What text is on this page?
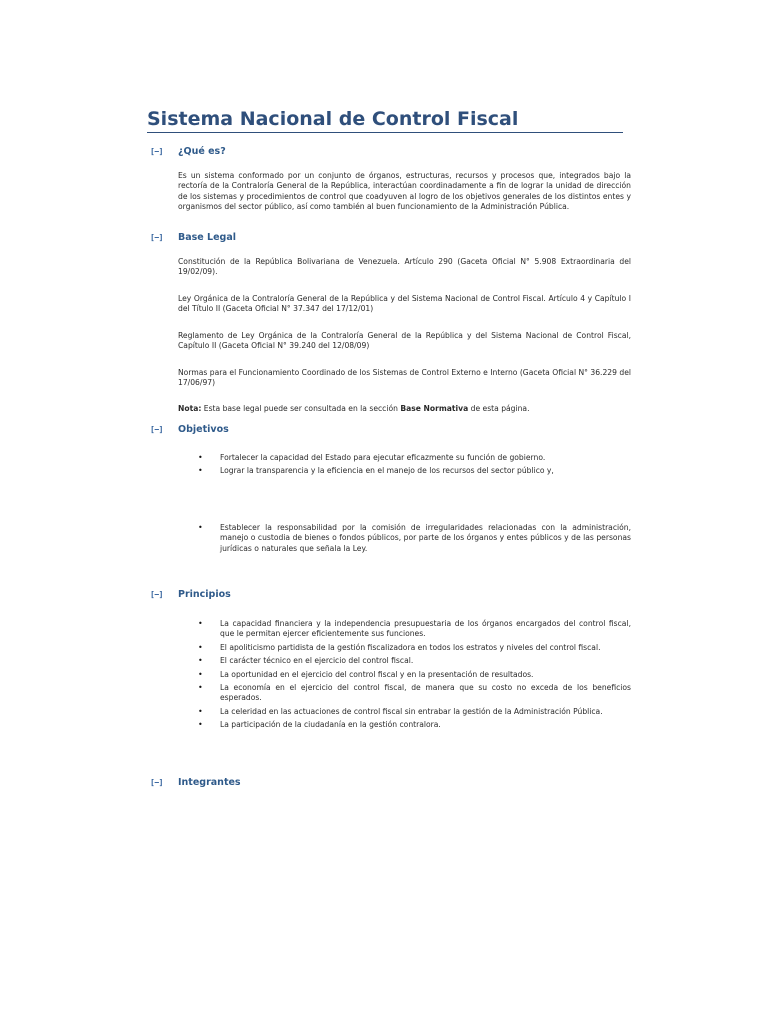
Sistema Nacional de Control Fiscal
[−]	¿Qué es?
Es un sistema conformado por un conjunto de órganos, estructuras, recursos y procesos que, integrados bajo la rectoría de la Contraloría General de la República, interactúan coordinadamente a fin de lograr la unidad de dirección de los sistemas y procedimientos de control que coadyuven al logro de los objetivos generales de los distintos entes y organismos del sector público, así como también al buen funcionamiento de la Administración Pública.
[−]	Base Legal
Constitución de la República Bolivariana de Venezuela. Artículo 290 (Gaceta Oficial N° 5.908 Extraordinaria del 19/02/09).
Ley Orgánica de la Contraloría General de la República y del Sistema Nacional de Control Fiscal. Artículo 4 y Capítulo I del Título II (Gaceta Oficial N° 37.347 del 17/12/01)
Reglamento de Ley Orgánica de la Contraloría General de la República y del Sistema Nacional de Control Fiscal, Capítulo II (Gaceta Oficial N° 39.240 del 12/08/09)
Normas para el Funcionamiento Coordinado de los Sistemas de Control Externo e Interno (Gaceta Oficial N° 36.229 del 17/06/97)
Nota: Esta base legal puede ser consultada en la sección Base Normativa de esta página.
[−]	Objetivos
• Fortalecer la capacidad del Estado para ejecutar eficazmente su función de gobierno.
• Lograr la transparencia y la eficiencia en el manejo de los recursos del sector público y,
• Establecer la responsabilidad por la comisión de irregularidades relacionadas con la administración, manejo o custodia de bienes o fondos públicos, por parte de los órganos y entes públicos y de las personas jurídicas o naturales que señala la Ley.
[−]	Principios
• La capacidad financiera y la independencia presupuestaria de los órganos encargados del control fiscal, que le permitan ejercer eficientemente sus funciones.
• El apoliticismo partidista de la gestión fiscalizadora en todos los estratos y niveles del control fiscal.
• El carácter técnico en el ejercicio del control fiscal.
• La oportunidad en el ejercicio del control fiscal y en la presentación de resultados.
• La economía en el ejercicio del control fiscal, de manera que su costo no exceda de los beneficios esperados.
• La celeridad en las actuaciones de control fiscal sin entrabar la gestión de la Administración Pública.
• La participación de la ciudadanía en la gestión contralora.
[−]	Integrantes
